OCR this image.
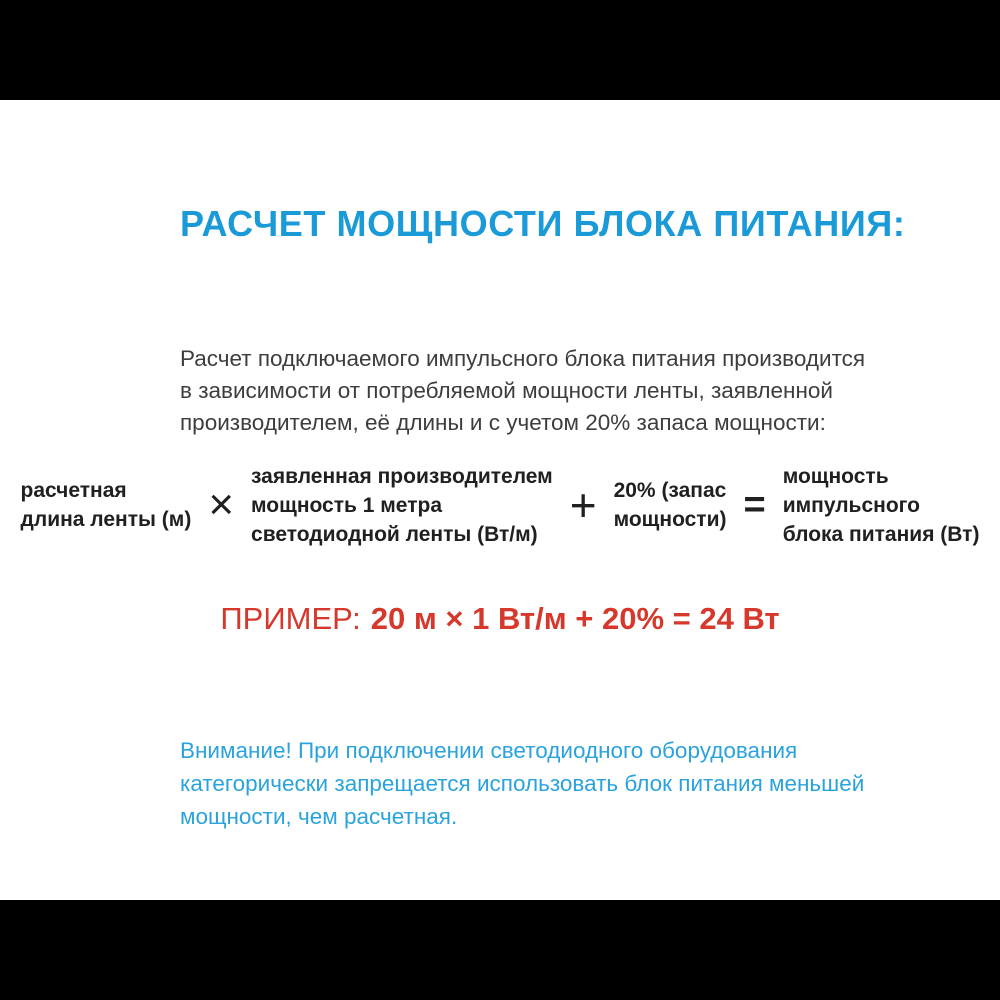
РАСЧЕТ МОЩНОСТИ БЛОКА ПИТАНИЯ:
Расчет подключаемого импульсного блока питания производится
в зависимости от потребляемой мощности ленты, заявленной
производителем, её длины и с учетом 20% запаса мощности:
расчетная
длина ленты (м) ×
заявленная производителем
мощность 1 метра
светодиодной ленты (Вт/м)
+ 20% (запас
мощности) =
мощность
импульсного
блока питания (Вт)
ПРИМЕР: 20 м × 1 Вт/м + 20% = 24 Вт
Внимание! При подключении светодиодного оборудования
категорически запрещается использовать блок питания меньшей
мощности, чем расчетная.
